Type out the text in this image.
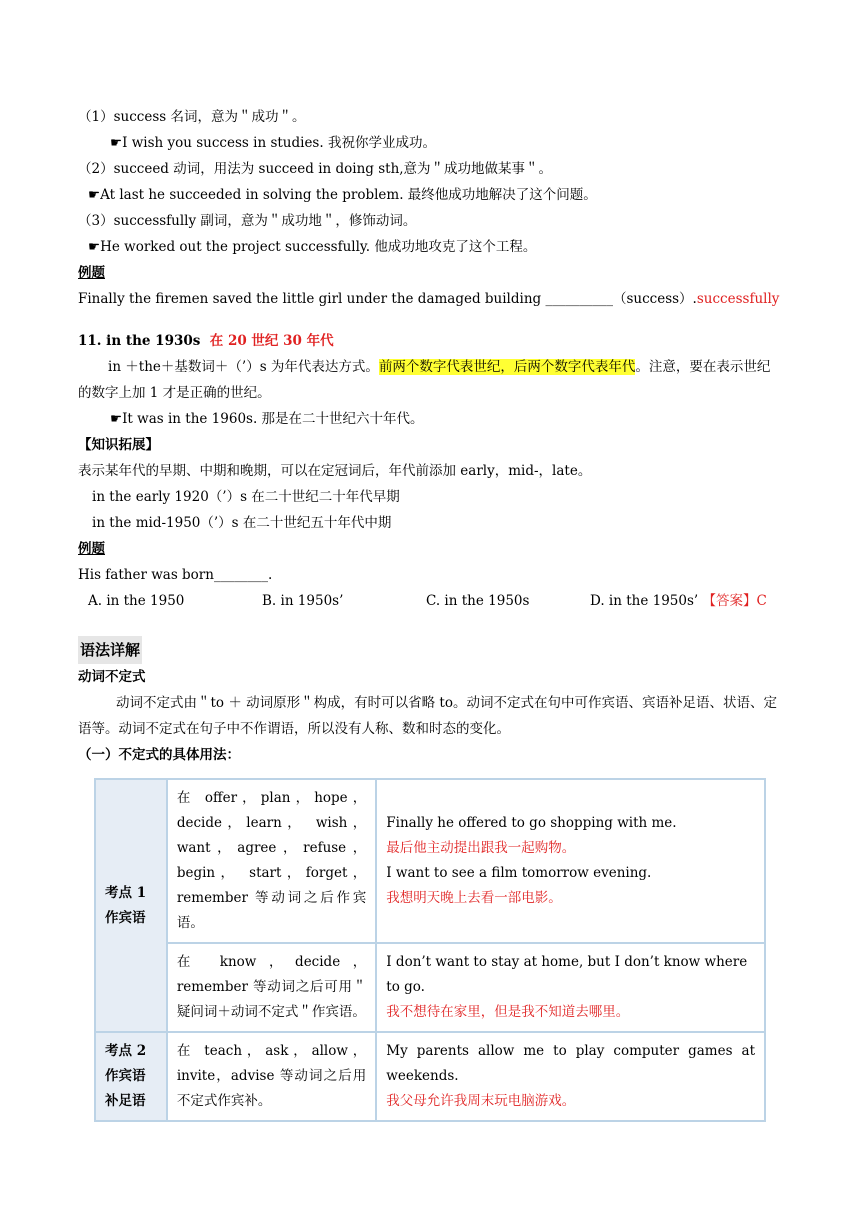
（1）success 名词，意为＂成功＂。
☛I wish you success in studies. 我祝你学业成功。
（2）succeed 动词，用法为 succeed in doing sth,意为＂成功地做某事＂。
☛At last he succeeded in solving the problem. 最终他成功地解决了这个问题。
（3）successfully 副词，意为＂成功地＂，修饰动词。
☛He worked out the project successfully. 他成功地攻克了这个工程。
例题
Finally the firemen saved the little girl under the damaged building __________（success）.successfully
11. in the 1930s 在 20 世纪 30 年代
in ＋the＋基数词＋（’）s 为年代表达方式。前两个数字代表世纪，后两个数字代表年代。注意，要在表示世纪的数字上加 1 才是正确的世纪。
☛It was in the 1960s. 那是在二十世纪六十年代。
【知识拓展】
表示某年代的早期、中期和晚期，可以在定冠词后，年代前添加 early，mid-，late。
in the early 1920（’）s 在二十世纪二十年代早期
in the mid-1950（’）s 在二十世纪五十年代中期
例题
His father was born________.
A. in the 1950	B. in 1950s’	C. in the 1950s	D. in the 1950s’ 【答案】C
语法详解
动词不定式
动词不定式由＂to ＋ 动词原形＂构成，有时可以省略 to。动词不定式在句中可作宾语、宾语补足语、状语、定语等。动词不定式在句子中不作谓语，所以没有人称、数和时态的变化。
（一）不定式的具体用法：
考点 1 作宾语	在 offer，plan，hope，decide，learn， wish，want，agree，refuse，begin， start，forget，remember 等动词之后作宾语。	Finally he offered to go shopping with me.
最后他主动提出跟我一起购物。
I want to see a film tomorrow evening.
我想明天晚上去看一部电影。

	在 know，decide，remember 等动词之后可用＂疑问词＋动词不定式＂作宾语。	I don’t want to stay at home, but I don’t know where to go.
我不想待在家里，但是我不知道去哪里。

考点 2 作宾语补足语	在 teach，ask，allow，invite，advise 等动词之后用不定式作宾补。	My parents allow me to play computer games at weekends.
我父母允许我周末玩电脑游戏。
